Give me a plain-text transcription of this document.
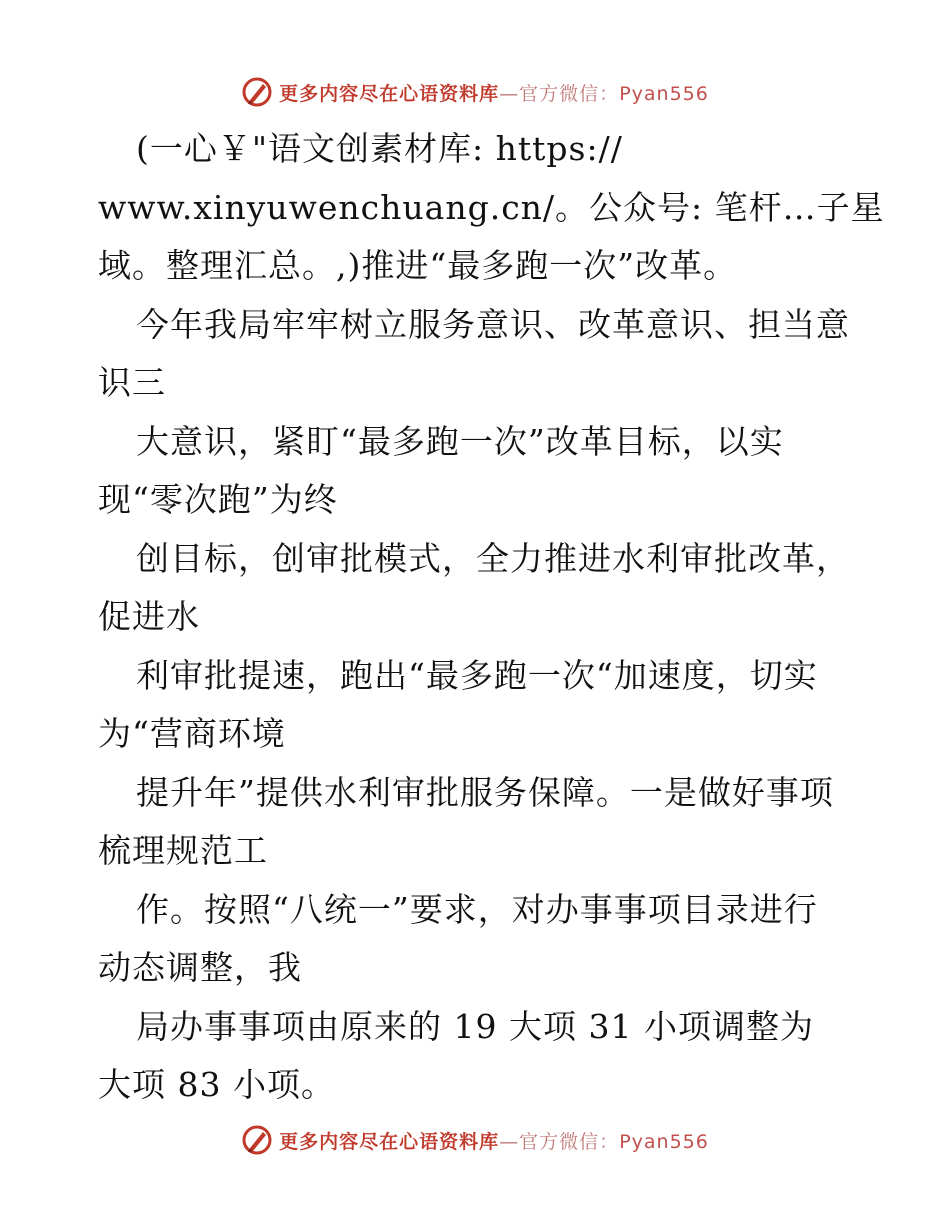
更多内容尽在心语资料库—官方微信：Pyan556
(一心￥"语文创素材库: https://
www.xinyuwenchuang.cn/。公众号: 笔杆…子星
域。整理汇总。,)推进“最多跑一次”改革。
今年我局牢牢树立服务意识、改革意识、担当意
识三
大意识，紧盯“最多跑一次”改革目标，以实
现“零次跑”为终
创目标，创审批模式，全力推进水利审批改革，
促进水
利审批提速，跑出“最多跑一次“加速度，切实
为“营商环境
提升年”提供水利审批服务保障。一是做好事项
梳理规范工
作。按照“八统一”要求，对办事事项目录进行
动态调整，我
局办事事项由原来的 19 大项 31 小项调整为
大项 83 小项。
更多内容尽在心语资料库—官方微信：Pyan556
